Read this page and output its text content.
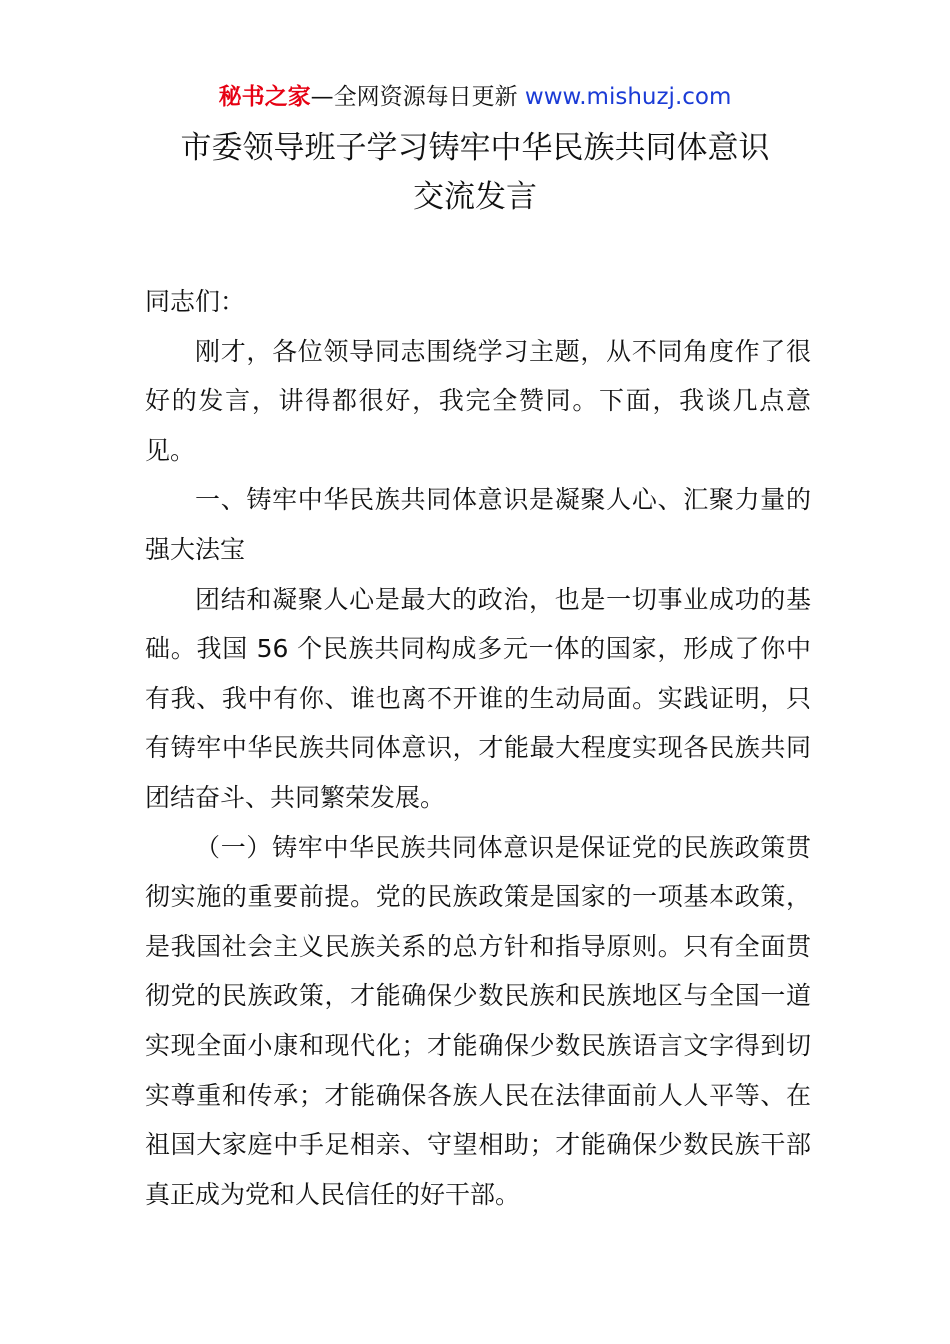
秘书之家—全网资源每日更新 www.mishuzj.com
市委领导班子学习铸牢中华民族共同体意识
交流发言

同志们：

刚才，各位领导同志围绕学习主题，从不同角度作了很好的发言，讲得都很好，我完全赞同。下面，我谈几点意见。

一、铸牢中华民族共同体意识是凝聚人心、汇聚力量的强大法宝

团结和凝聚人心是最大的政治，也是一切事业成功的基础。我国 56 个民族共同构成多元一体的国家，形成了你中有我、我中有你、谁也离不开谁的生动局面。实践证明，只有铸牢中华民族共同体意识，才能最大程度实现各民族共同团结奋斗、共同繁荣发展。

（一）铸牢中华民族共同体意识是保证党的民族政策贯彻实施的重要前提。党的民族政策是国家的一项基本政策，是我国社会主义民族关系的总方针和指导原则。只有全面贯彻党的民族政策，才能确保少数民族和民族地区与全国一道实现全面小康和现代化；才能确保少数民族语言文字得到切实尊重和传承；才能确保各族人民在法律面前人人平等、在祖国大家庭中手足相亲、守望相助；才能确保少数民族干部真正成为党和人民信任的好干部。
